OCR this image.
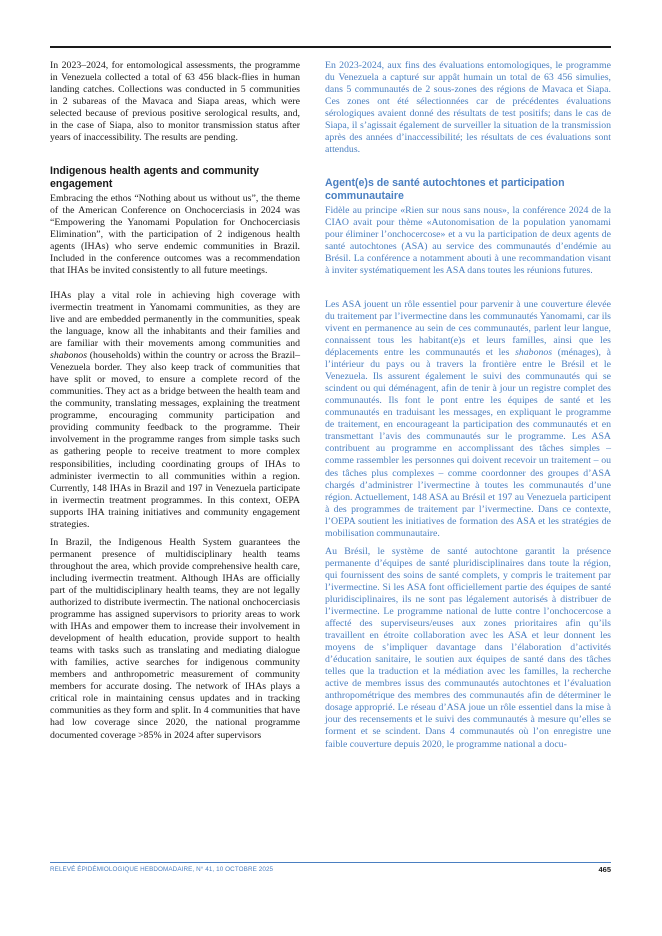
In 2023–2024, for entomological assessments, the programme in Venezuela collected a total of 63 456 black-flies in human landing catches. Collections was conducted in 5 communities in 2 subareas of the Mavaca and Siapa areas, which were selected because of previous positive serological results, and, in the case of Siapa, also to monitor transmission status after years of inaccessibility. The results are pending.

Indigenous health agents and community engagement

Embracing the ethos “Nothing about us without us”, the theme of the American Conference on Onchocerciasis in 2024 was “Empowering the Yanomami Population for Onchocerciasis Elimination”, with the participation of 2 indigenous health agents (IHAs) who serve endemic communities in Brazil. Included in the conference outcomes was a recommendation that IHAs be invited consistently to all future meetings.

IHAs play a vital role in achieving high coverage with ivermectin treatment in Yanomami communities, as they are live and are embedded permanently in the communities, speak the language, know all the inhabitants and their families and are familiar with their movements among communities and shabonos (households) within the country or across the Brazil–Venezuela border. They also keep track of communities that have split or moved, to ensure a complete record of the communities. They act as a bridge between the health team and the community, translating messages, explaining the treatment programme, encouraging community participation and providing community feedback to the programme. Their involvement in the programme ranges from simple tasks such as gathering people to receive treatment to more complex responsibilities, including coordinating groups of IHAs to administer ivermectin to all communities within a region. Currently, 148 IHAs in Brazil and 197 in Venezuela participate in ivermectin treatment programmes. In this context, OEPA supports IHA training initiatives and community engagement strategies.

In Brazil, the Indigenous Health System guarantees the permanent presence of multidisciplinary health teams throughout the area, which provide comprehensive health care, including ivermectin treatment. Although IHAs are officially part of the multidisciplinary health teams, they are not legally authorized to distribute ivermectin. The national onchocerciasis programme has assigned supervisors to priority areas to work with IHAs and empower them to increase their involvement in development of health education, provide support to health teams with tasks such as translating and mediating dialogue with families, active searches for indigenous community members and anthropometric measurement of community members for accurate dosing. The network of IHAs plays a critical role in maintaining census updates and in tracking communities as they form and split. In 4 communities that have had low coverage since 2020, the national programme documented coverage >85% in 2024 after supervisors

En 2023-2024, aux fins des évaluations entomologiques, le programme du Venezuela a capturé sur appât humain un total de 63 456 simulies, dans 5 communautés de 2 sous-zones des régions de Mavaca et Siapa. Ces zones ont été sélectionnées car de précédentes évaluations sérologiques avaient donné des résultats de test positifs; dans le cas de Siapa, il s’agissait également de surveiller la situation de la transmission après des années d’inaccessibilité; les résultats de ces évaluations sont attendus.

Agent(e)s de santé autochtones et participation communautaire

Fidèle au principe «Rien sur nous sans nous», la conférence 2024 de la CIAO avait pour thème «Autonomisation de la population yanomami pour éliminer l’onchocercose» et a vu la participation de deux agents de santé autochtones (ASA) au service des communautés d’endémie au Brésil. La conférence a notamment abouti à une recommandation visant à inviter systématiquement les ASA dans toutes les réunions futures.

Les ASA jouent un rôle essentiel pour parvenir à une couverture élevée du traitement par l’ivermectine dans les communautés Yanomami, car ils vivent en permanence au sein de ces communautés, parlent leur langue, connaissent tous les habitant(e)s et leurs familles, ainsi que les déplacements entre les communautés et les shabonos (ménages), à l’intérieur du pays ou à travers la frontière entre le Brésil et le Venezuela. Ils assurent également le suivi des communautés qui se scindent ou qui déménagent, afin de tenir à jour un registre complet des communautés. Ils font le pont entre les équipes de santé et les communautés en traduisant les messages, en expliquant le programme de traitement, en encourageant la participation des communautés et en transmettant l’avis des communautés sur le programme. Les ASA contribuent au programme en accomplissant des tâches simples – comme rassembler les personnes qui doivent recevoir un traitement – ou des tâches plus complexes – comme coordonner des groupes d’ASA chargés d’administrer l’ivermectine à toutes les communautés d’une région. Actuellement, 148 ASA au Brésil et 197 au Venezuela participent à des programmes de traitement par l’ivermectine. Dans ce contexte, l’OEPA soutient les initiatives de formation des ASA et les stratégies de mobilisation communautaire.

Au Brésil, le système de santé autochtone garantit la présence permanente d’équipes de santé pluridisciplinaires dans toute la région, qui fournissent des soins de santé complets, y compris le traitement par l’ivermectine. Si les ASA font officiellement partie des équipes de santé pluridisciplinaires, ils ne sont pas légalement autorisés à distribuer de l’ivermectine. Le programme national de lutte contre l’onchocercose a affecté des superviseurs/euses aux zones prioritaires afin qu’ils travaillent en étroite collaboration avec les ASA et leur donnent les moyens de s’impliquer davantage dans l’élaboration d’activités d’éducation sanitaire, le soutien aux équipes de santé dans des tâches telles que la traduction et la médiation avec les familles, la recherche active de membres issus des communautés autochtones et l’évaluation anthropométrique des membres des communautés afin de déterminer le dosage approprié. Le réseau d’ASA joue un rôle essentiel dans la mise à jour des recensements et le suivi des communautés à mesure qu’elles se forment et se scindent. Dans 4 communautés où l’on enregistre une faible couverture depuis 2020, le programme national a docu-

RELEVÉ ÉPIDÉMIOLOGIQUE HEBDOMADAIRE, N° 41, 10 OCTOBRE 2025	465
